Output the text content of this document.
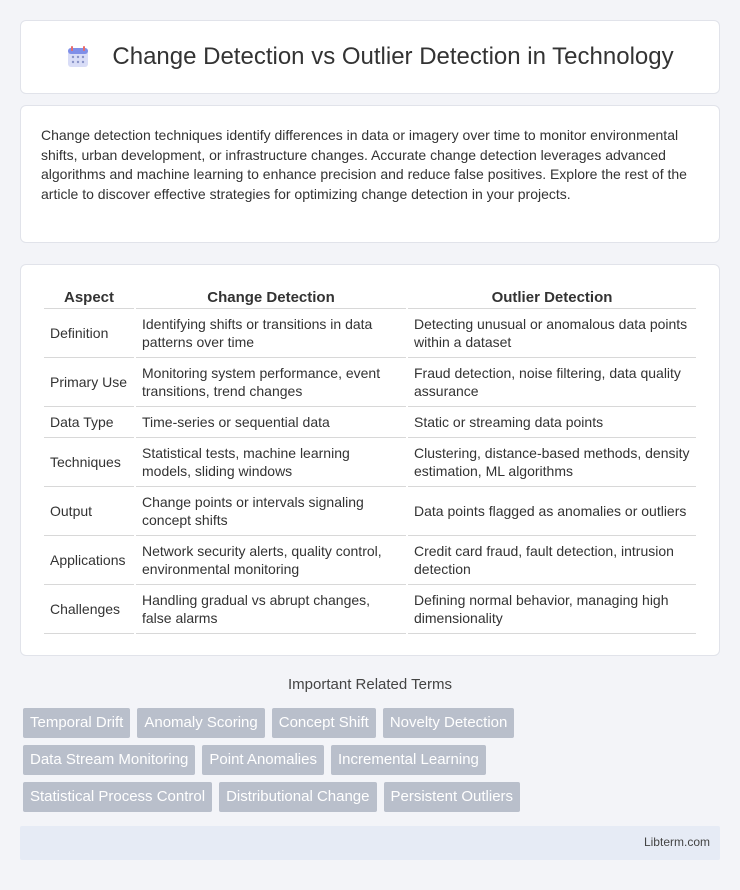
Change Detection vs Outlier Detection in Technology

Change detection techniques identify differences in data or imagery over time to monitor environmental shifts, urban development, or infrastructure changes. Accurate change detection leverages advanced algorithms and machine learning to enhance precision and reduce false positives. Explore the rest of the article to discover effective strategies for optimizing change detection in your projects.

Aspect	Change Detection	Outlier Detection
Definition	Identifying shifts or transitions in data patterns over time	Detecting unusual or anomalous data points within a dataset
Primary Use	Monitoring system performance, event transitions, trend changes	Fraud detection, noise filtering, data quality assurance
Data Type	Time-series or sequential data	Static or streaming data points
Techniques	Statistical tests, machine learning models, sliding windows	Clustering, distance-based methods, density estimation, ML algorithms
Output	Change points or intervals signaling concept shifts	Data points flagged as anomalies or outliers
Applications	Network security alerts, quality control, environmental monitoring	Credit card fraud, fault detection, intrusion detection
Challenges	Handling gradual vs abrupt changes, false alarms	Defining normal behavior, managing high dimensionality
Important Related Terms
Temporal Drift	Anomaly Scoring	Concept Shift	Novelty Detection
Data Stream Monitoring	Point Anomalies	Incremental Learning
Statistical Process Control	Distributional Change	Persistent Outliers
Libterm.com
